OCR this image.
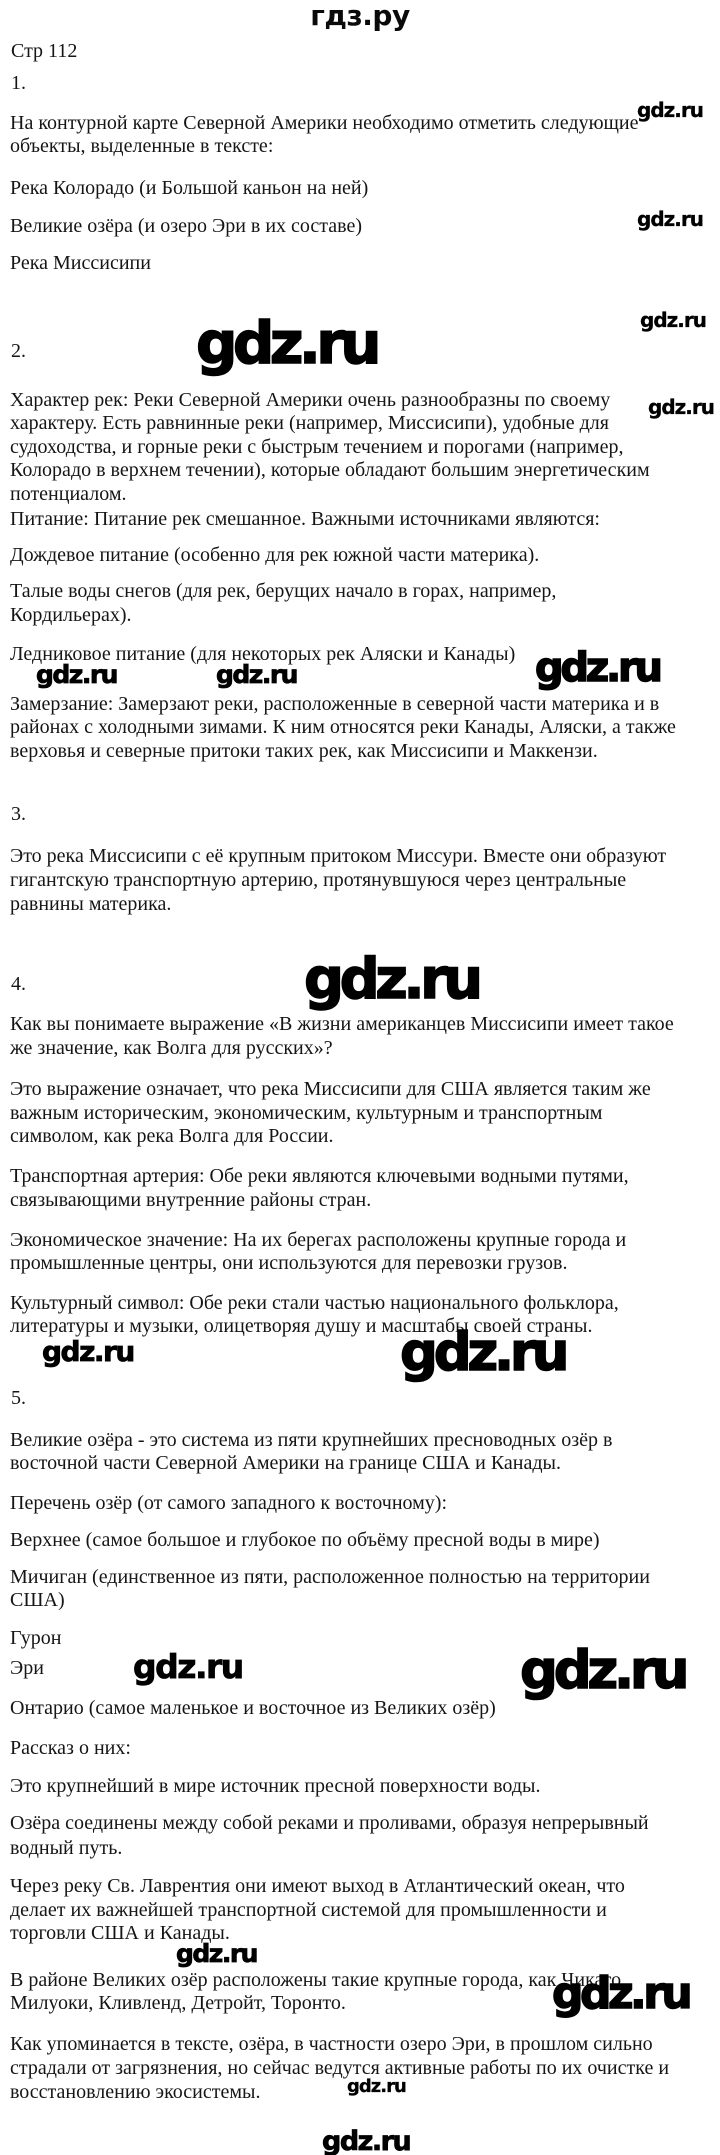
гдз.ру
Стр 112
1.
На контурной карте Северной Америки необходимо отметить следующие
объекты, выделенные в тексте:
Река Колорадо (и Большой каньон на ней)
Великие озёра (и озеро Эри в их составе)
Река Миссисипи
2.
Характер рек: Реки Северной Америки очень разнообразны по своему
характеру. Есть равнинные реки (например, Миссисипи), удобные для
судоходства, и горные реки с быстрым течением и порогами (например,
Колорадо в верхнем течении), которые обладают большим энергетическим
потенциалом.
Питание: Питание рек смешанное. Важными источниками являются:
Дождевое питание (особенно для рек южной части материка).
Талые воды снегов (для рек, берущих начало в горах, например,
Кордильерах).
Ледниковое питание (для некоторых рек Аляски и Канады)
Замерзание: Замерзают реки, расположенные в северной части материка и в
районах с холодными зимами. К ним относятся реки Канады, Аляски, а также
верховья и северные притоки таких рек, как Миссисипи и Маккензи.
3.
Это река Миссисипи с её крупным притоком Миссури. Вместе они образуют
гигантскую транспортную артерию, протянувшуюся через центральные
равнины материка.
4.
Как вы понимаете выражение «В жизни американцев Миссисипи имеет такое
же значение, как Волга для русских»?
Это выражение означает, что река Миссисипи для США является таким же
важным историческим, экономическим, культурным и транспортным
символом, как река Волга для России.
Транспортная артерия: Обе реки являются ключевыми водными путями,
связывающими внутренние районы стран.
Экономическое значение: На их берегах расположены крупные города и
промышленные центры, они используются для перевозки грузов.
Культурный символ: Обе реки стали частью национального фольклора,
литературы и музыки, олицетворяя душу и масштабы своей страны.
5.
Великие озёра - это система из пяти крупнейших пресноводных озёр в
восточной части Северной Америки на границе США и Канады.
Перечень озёр (от самого западного к восточному):
Верхнее (самое большое и глубокое по объёму пресной воды в мире)
Мичиган (единственное из пяти, расположенное полностью на территории
США)
Гурон
Эри
Онтарио (самое маленькое и восточное из Великих озёр)
Рассказ о них:
Это крупнейший в мире источник пресной поверхности воды.
Озёра соединены между собой реками и проливами, образуя непрерывный
водный путь.
Через реку Св. Лаврентия они имеют выход в Атлантический океан, что
делает их важнейшей транспортной системой для промышленности и
торговли США и Канады.
В районе Великих озёр расположены такие крупные города, как Чикаго,
Милуоки, Кливленд, Детройт, Торонто.
Как упоминается в тексте, озёра, в частности озеро Эри, в прошлом сильно
страдали от загрязнения, но сейчас ведутся активные работы по их очистке и
восстановлению экосистемы.
gdz.ru
gdz.ru
gdz.ru
gdz.ru
gdz.ru
gdz.ru	gdz.ru	gdz.ru
gdz.ru
gdz.ru	gdz.ru
gdz.ru	gdz.ru
gdz.ru
gdz.ru
gdz.ru
gdz.ru
